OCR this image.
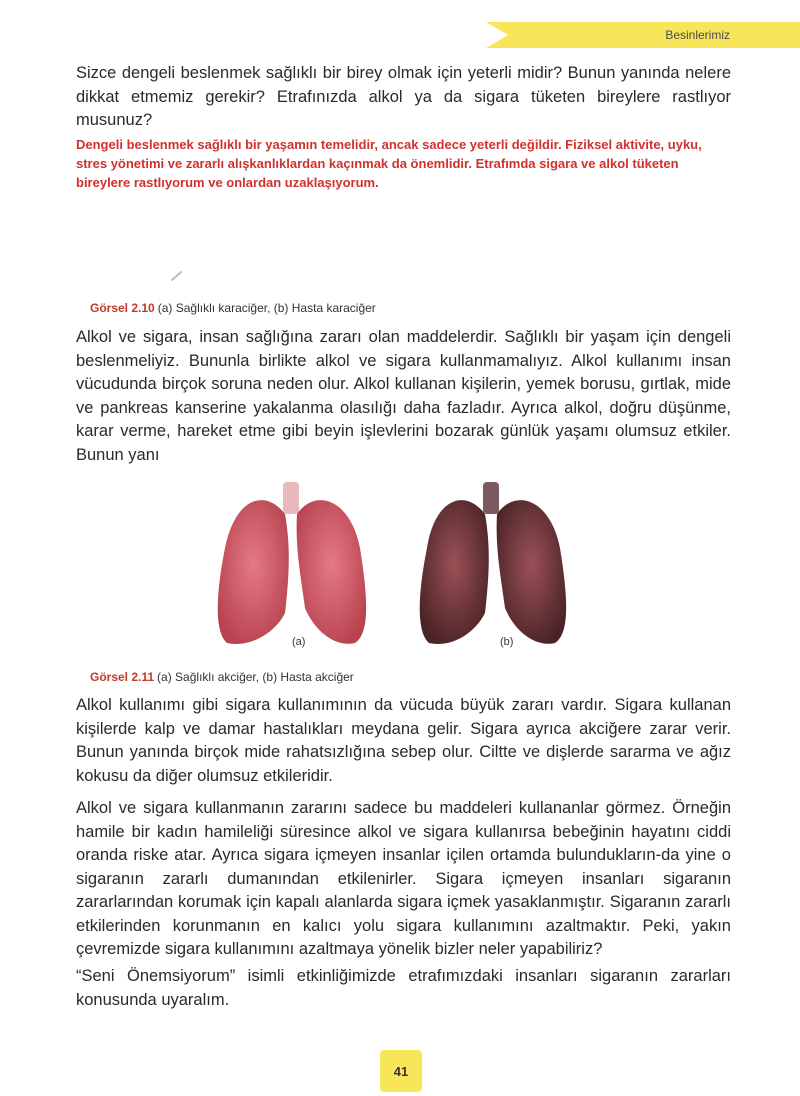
Besinlerimiz

Sizce dengeli beslenmek sağlıklı bir birey olmak için yeterli midir? Bunun yanında nelere dikkat etmemiz gerekir? Etrafınızda alkol ya da sigara tüketen bireylere rastlıyor musunuz?

Dengeli beslenmek sağlıklı bir yaşamın temelidir, ancak sadece yeterli değildir. Fiziksel aktivite, uyku, stres yönetimi ve zararlı alışkanlıklardan kaçınmak da önemlidir. Etrafımda sigara ve alkol tüketen bireylere rastlıyorum ve onlardan uzaklaşıyorum.

Görsel 2.10 (a) Sağlıklı karaciğer, (b) Hasta karaciğer

Alkol ve sigara, insan sağlığına zararı olan maddelerdir. Sağlıklı bir yaşam için dengeli beslenmeliyiz. Bununla birlikte alkol ve sigara kullanmamalıyız. Alkol kullanımı insan vücudunda birçok soruna neden olur. Alkol kullanan kişilerin, yemek borusu, gırtlak, mide ve pankreas kanserine yakalanma olasılığı daha fazladır. Ayrıca alkol, doğru düşünme, karar verme, hareket etme gibi beyin işlevlerini bozarak günlük yaşamı olumsuz etkiler. Bunun yanı

(a)	(b)
Görsel 2.11 (a) Sağlıklı akciğer, (b) Hasta akciğer

Alkol kullanımı gibi sigara kullanımının da vücuda büyük zararı vardır. Sigara kullanan kişilerde kalp ve damar hastalıkları meydana gelir. Sigara ayrıca akciğere zarar verir. Bunun yanında birçok mide rahatsızlığına sebep olur. Ciltte ve dişlerde sararma ve ağız kokusu da diğer olumsuz etkileridir.

Alkol ve sigara kullanmanın zararını sadece bu maddeleri kullananlar görmez. Örneğin hamile bir kadın hamileliği süresince alkol ve sigara kullanırsa bebeğinin hayatını ciddi oranda riske atar. Ayrıca sigara içmeyen insanlar içilen ortamda bulundukların-da yine o sigaranın zararlı dumanından etkilenirler. Sigara içmeyen insanları sigaranın zararlarından korumak için kapalı alanlarda sigara içmek yasaklanmıştır. Sigaranın zararlı etkilerinden korunmanın en kalıcı yolu sigara kullanımını azaltmaktır. Peki, yakın çevremizde sigara kullanımını azaltmaya yönelik bizler neler yapabiliriz?

“Seni Önemsiyorum” isimli etkinliğimizde etrafımızdaki insanları sigaranın zararları konusunda uyaralım.

41
